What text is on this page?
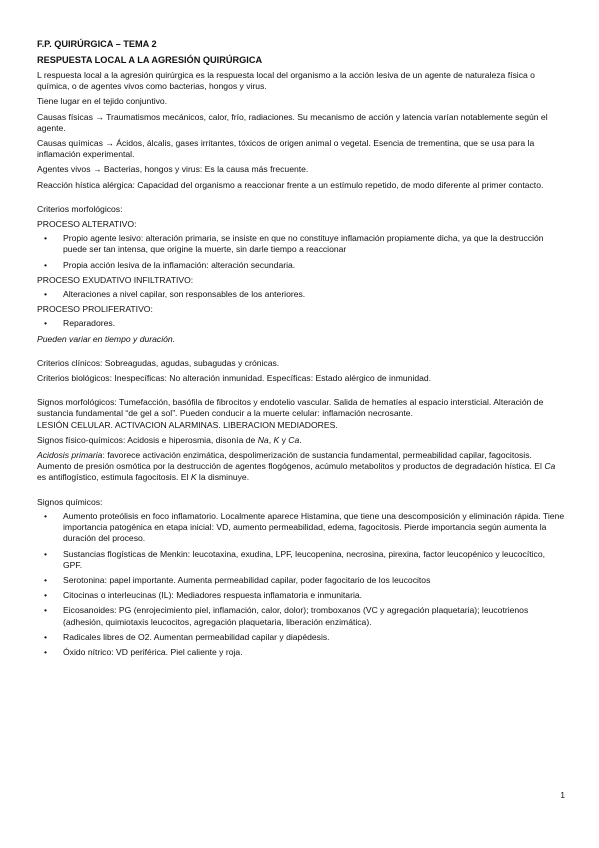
F.P. QUIRÚRGICA – TEMA 2

RESPUESTA LOCAL A LA AGRESIÓN QUIRÚRGICA

L respuesta local a la agresión quirúrgica es la respuesta local del organismo a la acción lesiva de un agente de naturaleza física o química, o de agentes vivos como bacterias, hongos y virus.

Tiene lugar en el tejido conjuntivo.

Causas físicas → Traumatismos mecánicos, calor, frío, radiaciones. Su mecanismo de acción y latencia varían notablemente según el agente.

Causas químicas → Ácidos, álcalis, gases irritantes, tóxicos de origen animal o vegetal. Esencia de trementina, que se usa para la inflamación experimental.

Agentes vivos → Bacterias, hongos y virus: Es la causa más frecuente.

Reacción hística alérgica: Capacidad del organismo a reaccionar frente a un estímulo repetido, de modo diferente al primer contacto.

Criterios morfológicos:

PROCESO ALTERATIVO:

• Propio agente lesivo: alteración primaria, se insiste en que no constituye inflamación propiamente dicha, ya que la destrucción puede ser tan intensa, que origine la muerte, sin darle tiempo a reaccionar
• Propia acción lesiva de la inflamación: alteración secundaria.

PROCESO EXUDATIVO INFILTRATIVO:

• Alteraciones a nivel capilar, son responsables de los anteriores.

PROCESO PROLIFERATIVO:

• Reparadores.

Pueden variar en tiempo y duración.

Criterios clínicos: Sobreagudas, agudas, subagudas y crónicas.

Criterios biológicos: Inespecíficas: No alteración inmunidad. Específicas: Estado alérgico de inmunidad.

Signos morfológicos: Tumefacción, basófila de fibrocitos y endotelio vascular. Salida de hematíes al espacio intersticial. Alteración de sustancia fundamental “de gel a sol”. Pueden conducir a la muerte celular: inflamación necrosante.

LESIÓN CELULAR. ACTIVACION ALARMINAS. LIBERACION MEDIADORES.

Signos físico-químicos: Acidosis e hiperosmia, disonía de Na, K y Ca.

Acidosis primaria: favorece activación enzimática, despolimerización de sustancia fundamental, permeabilidad capilar, fagocitosis. Aumento de presión osmótica por la destrucción de agentes flogógenos, acúmulo metabolitos y productos de degradación hística. El Ca es antiflogístico, estimula fagocitosis. El K la disminuye.

Signos químicos:

• Aumento proteólisis en foco inflamatorio. Localmente aparece Histamina, que tiene una descomposición y eliminación rápida. Tiene importancia patogénica en etapa inicial: VD, aumento permeabilidad, edema, fagocitosis. Pierde importancia según aumenta la duración del proceso.
• Sustancias flogísticas de Menkin: leucotaxina, exudina, LPF, leucopenina, necrosina, pirexina, factor leucopénico y leucocítico, GPF.
• Serotonina: papel importante. Aumenta permeabilidad capilar, poder fagocitario de los leucocitos
• Citocinas o interleucinas (IL): Mediadores respuesta inflamatoria e inmunitaria.
• Eicosanoides: PG (enrojecimiento piel, inflamación, calor, dolor); tromboxanos (VC y agregación plaquetaria); leucotrienos (adhesión, quimiotaxis leucocitos, agregación plaquetaria, liberación enzimática).
• Radicales libres de O2. Aumentan permeabilidad capilar y diapédesis.
• Óxido nítrico: VD periférica. Piel caliente y roja.
1
